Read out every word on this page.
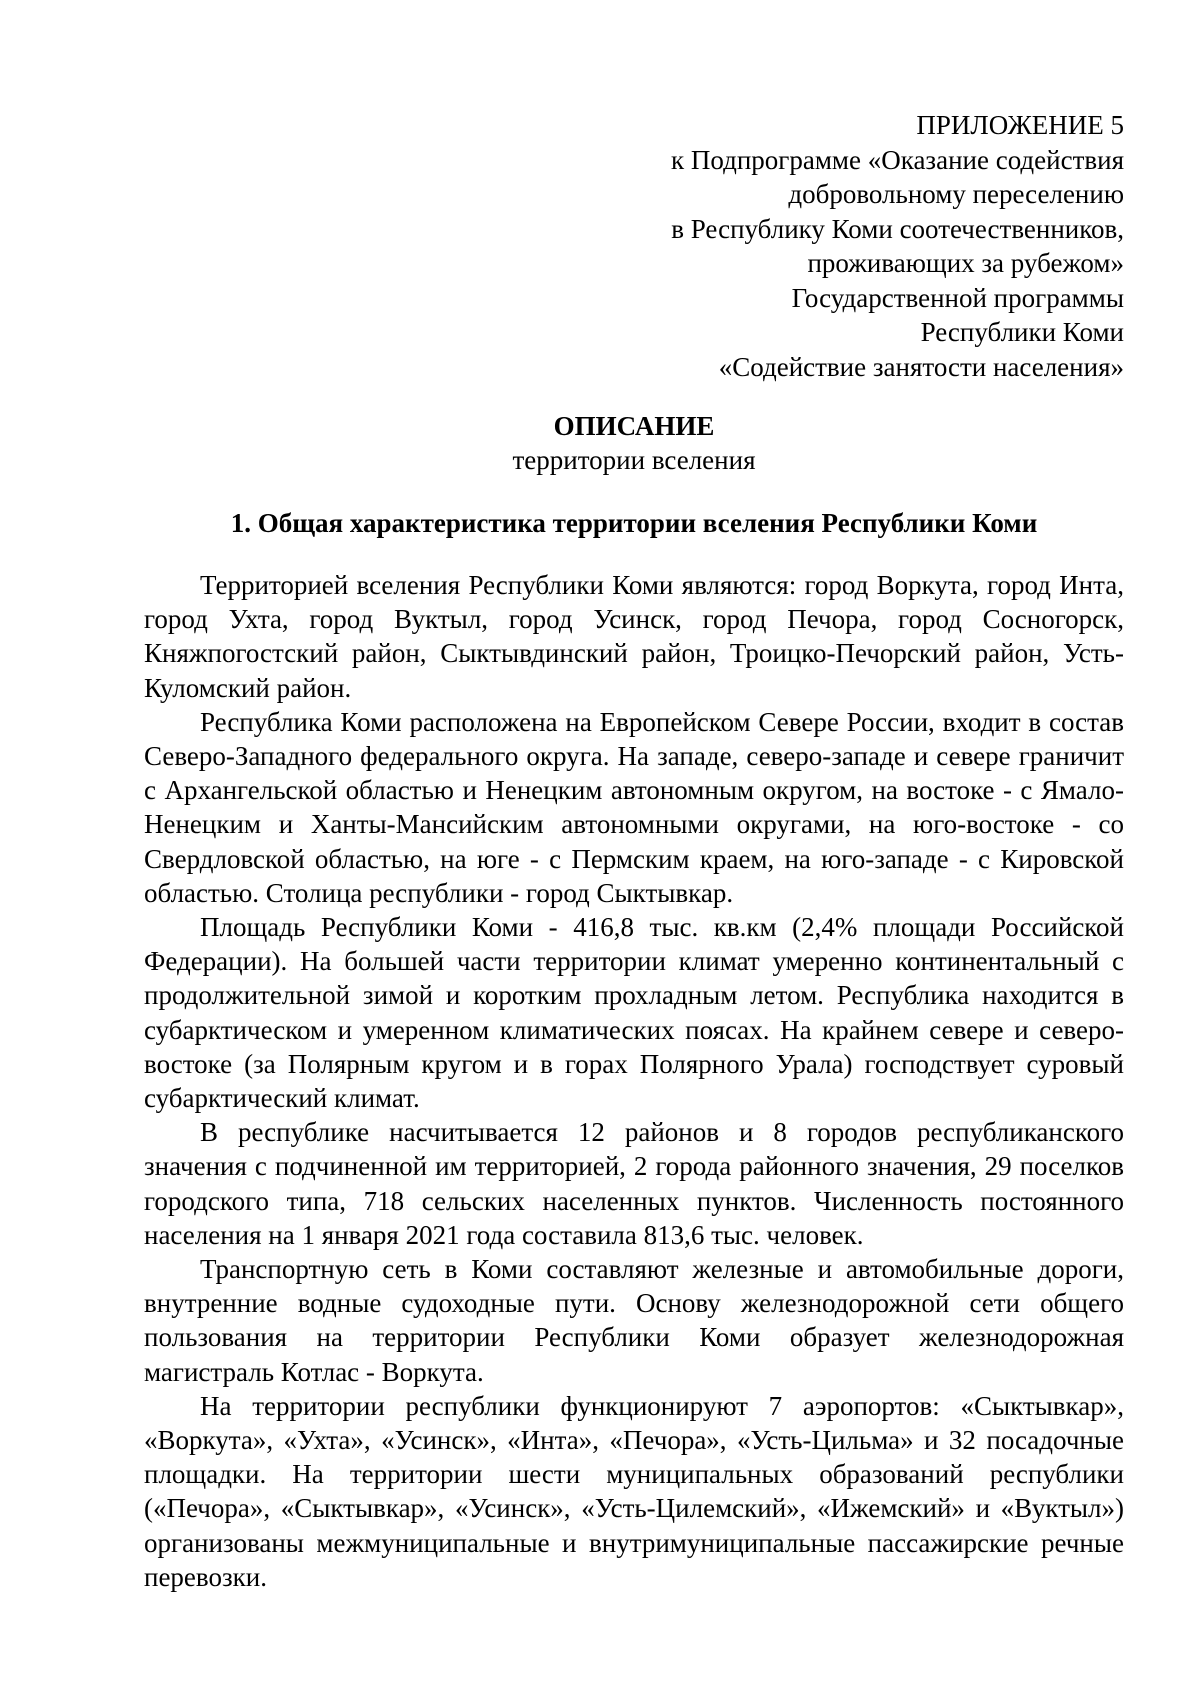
ПРИЛОЖЕНИЕ 5
к Подпрограмме «Оказание содействия
добровольному переселению
в Республику Коми соотечественников,
проживающих за рубежом»
Государственной программы
Республики Коми
«Содействие занятости населения»
ОПИСАНИЕ
территории вселения
1. Общая характеристика территории вселения Республики Коми

Территорией вселения Республики Коми являются: город Воркута, город Инта, город Ухта, город Вуктыл, город Усинск, город Печора, город Сосногорск, Княжпогостский район, Сыктывдинский район, Троицко-Печорский район, Усть-Куломский район.

Республика Коми расположена на Европейском Севере России, входит в состав Северо-Западного федерального округа. На западе, северо-западе и севере граничит с Архангельской областью и Ненецким автономным округом, на востоке - с Ямало-Ненецким и Ханты-Мансийским автономными округами, на юго-востоке - со Свердловской областью, на юге - с Пермским краем, на юго-западе - с Кировской областью. Столица республики - город Сыктывкар.

Площадь Республики Коми - 416,8 тыс. кв.км (2,4% площади Российской Федерации). На большей части территории климат умеренно континентальный с продолжительной зимой и коротким прохладным летом. Республика находится в субарктическом и умеренном климатических поясах. На крайнем севере и северо-востоке (за Полярным кругом и в горах Полярного Урала) господствует суровый субарктический климат.

В республике насчитывается 12 районов и 8 городов республиканского значения с подчиненной им территорией, 2 города районного значения, 29 поселков городского типа, 718 сельских населенных пунктов. Численность постоянного населения на 1 января 2021 года составила 813,6 тыс. человек.

Транспортную сеть в Коми составляют железные и автомобильные дороги, внутренние водные судоходные пути. Основу железнодорожной сети общего пользования на территории Республики Коми образует железнодорожная магистраль Котлас - Воркута.

На территории республики функционируют 7 аэропортов: «Сыктывкар», «Воркута», «Ухта», «Усинск», «Инта», «Печора», «Усть-Цильма» и 32 посадочные площадки. На территории шести муниципальных образований республики («Печора», «Сыктывкар», «Усинск», «Усть-Цилемский», «Ижемский» и «Вуктыл») организованы межмуниципальные и внутримуниципальные пассажирские речные перевозки.
